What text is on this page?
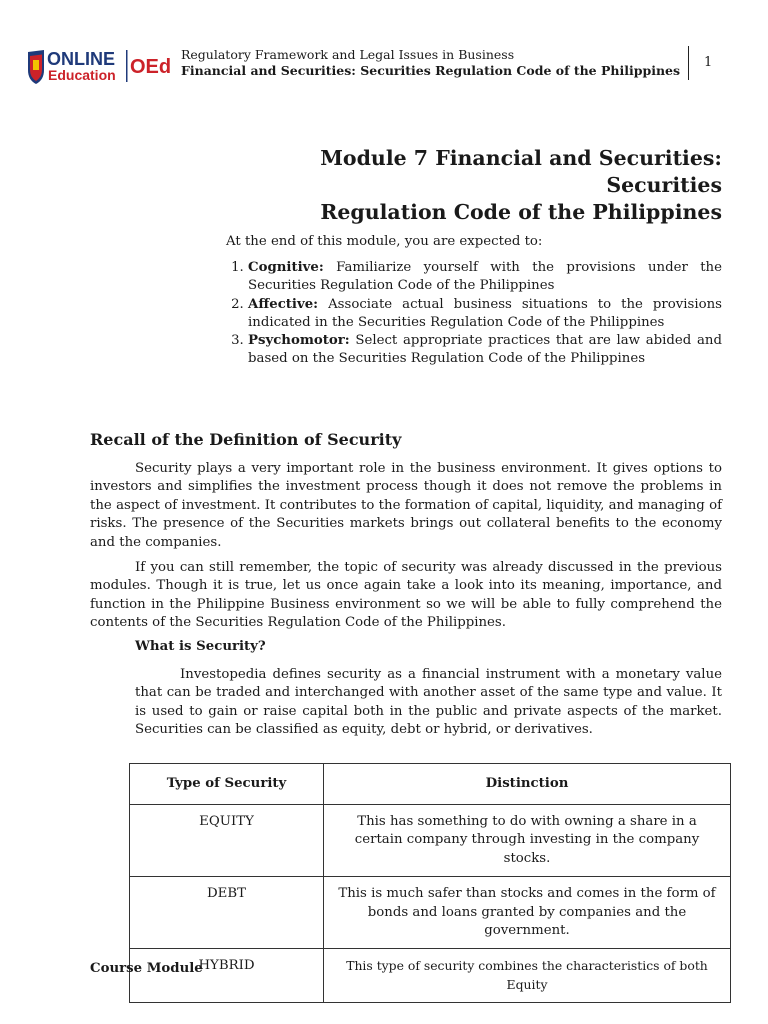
ONLINE
Education OEd
Regulatory Framework and Legal Issues in Business
Financial and Securities: Securities Regulation Code of the Philippines
1
Module 7 Financial and Securities: Securities
Regulation Code of the Philippines

At the end of this module, you are expected to:

1. Cognitive: Familiarize yourself with the provisions under the Securities Regulation Code of the Philippines
2. Affective: Associate actual business situations to the provisions indicated in the Securities Regulation Code of the Philippines
3. Psychomotor: Select appropriate practices that are law abided and based on the Securities Regulation Code of the Philippines
Recall of the Definition of Security

Security plays a very important role in the business environment. It gives options to investors and simplifies the investment process though it does not remove the problems in the aspect of investment. It contributes to the formation of capital, liquidity, and managing of risks. The presence of the Securities markets brings out collateral benefits to the economy and the companies.

If you can still remember, the topic of security was already discussed in the previous modules. Though it is true, let us once again take a look into its meaning, importance, and function in the Philippine Business environment so we will be able to fully comprehend the contents of the Securities Regulation Code of the Philippines.

What is Security?
Investopedia defines security as a financial instrument with a monetary value that can be traded and interchanged with another asset of the same type and value. It is used to gain or raise capital both in the public and private aspects of the market. Securities can be classified as equity, debt or hybrid, or derivatives.
Type of Security	Distinction
EQUITY	This has something to do with owning a share in a certain company through investing in the company stocks.
DEBT	This is much safer than stocks and comes in the form of bonds and loans granted by companies and the government.
HYBRID	This type of security combines the characteristics of both Equity
Course Module
